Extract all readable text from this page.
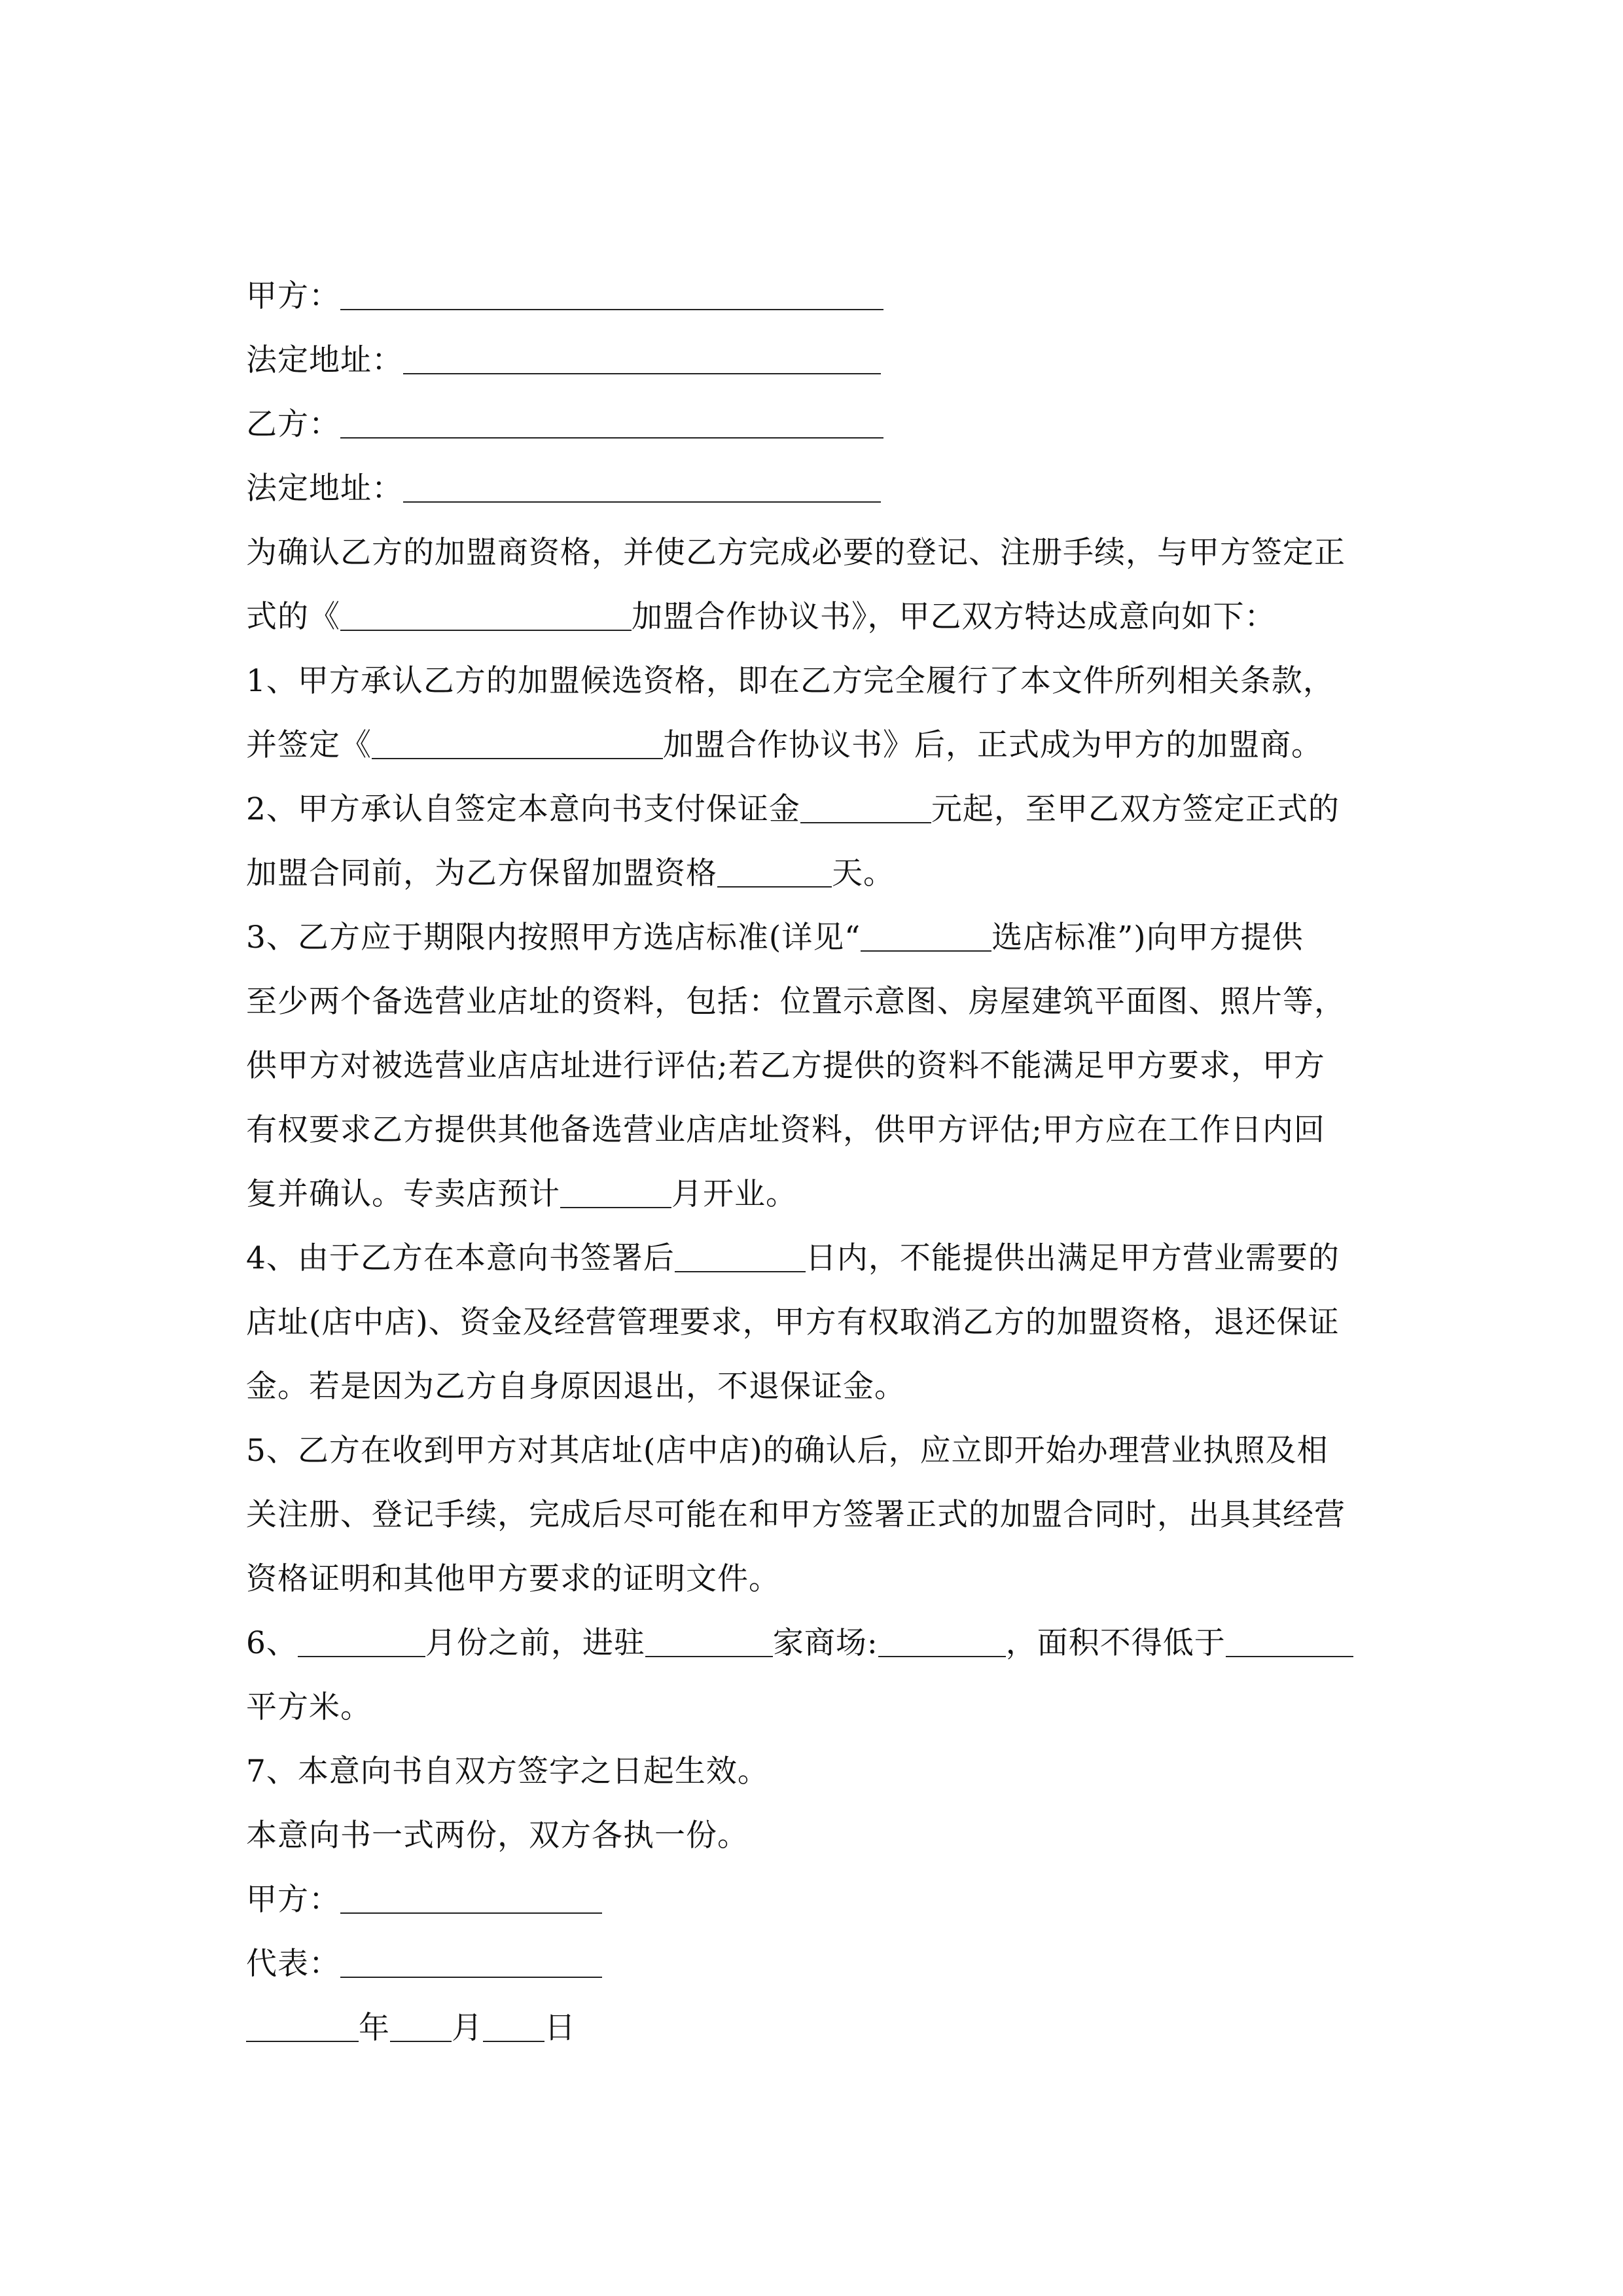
甲方：
法定地址：
乙方：
法定地址：
为确认乙方的加盟商资格，并使乙方完成必要的登记、注册手续，与甲方签定正
式的《	加盟合作协议书》，甲乙双方特达成意向如下：
1、甲方承认乙方的加盟候选资格，即在乙方完全履行了本文件所列相关条款，
并签定《	加盟合作协议书》后，正式成为甲方的加盟商。
2、甲方承认自签定本意向书支付保证金	元起，至甲乙双方签定正式的
加盟合同前，为乙方保留加盟资格	天。
3、乙方应于期限内按照甲方选店标准(详见“	选店标准”)向甲方提供
至少两个备选营业店址的资料，包括：位置示意图、房屋建筑平面图、照片等，
供甲方对被选营业店店址进行评估;若乙方提供的资料不能满足甲方要求，甲方
有权要求乙方提供其他备选营业店店址资料，供甲方评估;甲方应在工作日内回
复并确认。专卖店预计	月开业。
4、由于乙方在本意向书签署后	日内，不能提供出满足甲方营业需要的
店址(店中店)、资金及经营管理要求，甲方有权取消乙方的加盟资格，退还保证
金。若是因为乙方自身原因退出，不退保证金。
5、乙方在收到甲方对其店址(店中店)的确认后，应立即开始办理营业执照及相
关注册、登记手续，完成后尽可能在和甲方签署正式的加盟合同时，出具其经营
资格证明和其他甲方要求的证明文件。
6、	月份之前，进驻	家商场:	，面积不得低于
平方米。
7、本意向书自双方签字之日起生效。
本意向书一式两份，双方各执一份。
甲方：
代表：
年 月 日
